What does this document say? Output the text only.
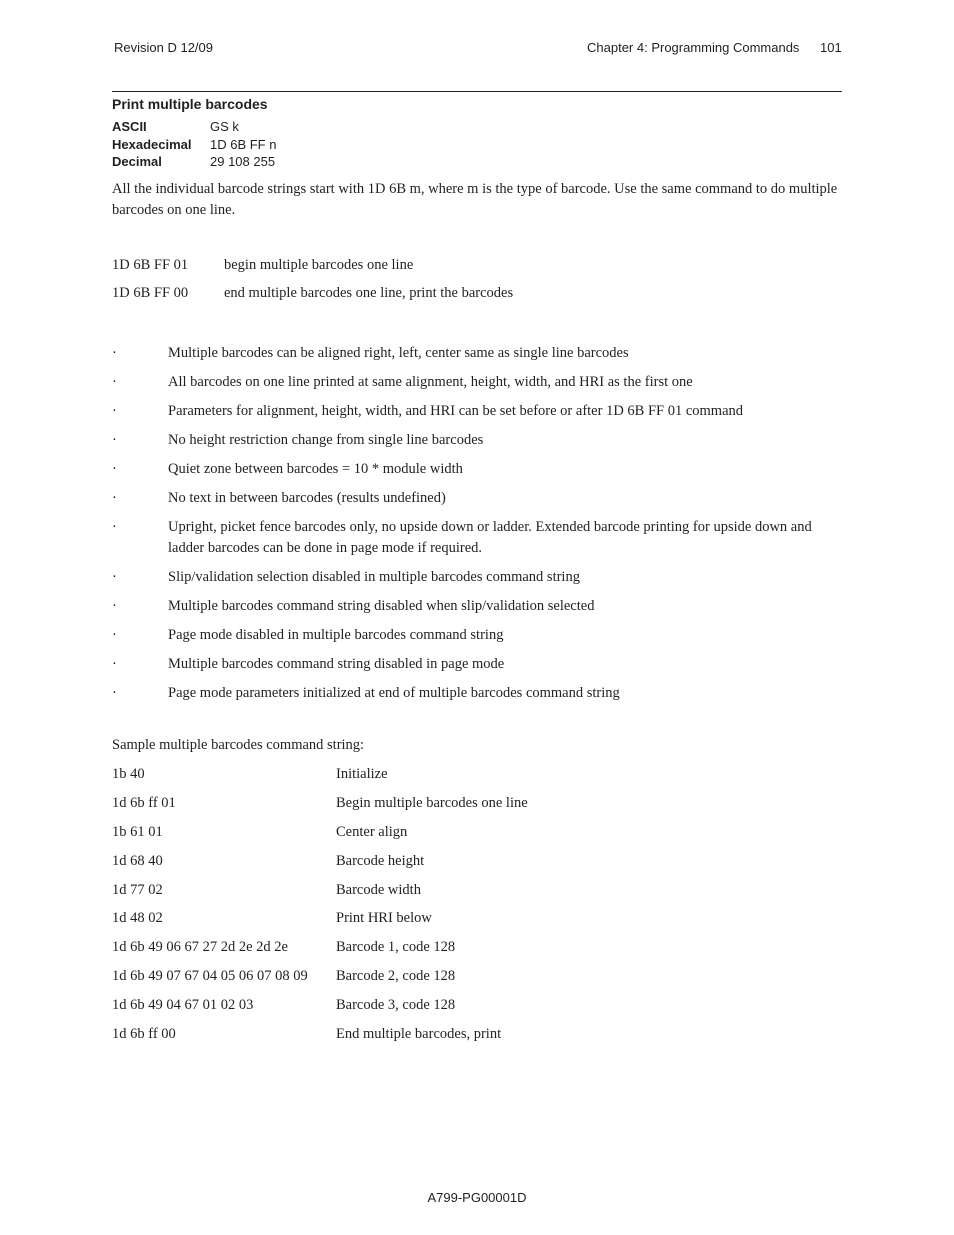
Revision D 12/09	Chapter 4: Programming Commands 101
Print multiple barcodes
ASCII	GS k
Hexadecimal	1D 6B FF n
Decimal	29 108 255
All the individual barcode strings start with 1D 6B m, where m is the type of barcode. Use the same command to do multiple barcodes on one line.
1D 6B FF 01	begin multiple barcodes one line
1D 6B FF 00	end multiple barcodes one line, print the barcodes
·	Multiple barcodes can be aligned right, left, center same as single line barcodes
·	All barcodes on one line printed at same alignment, height, width, and HRI as the first one
·	Parameters for alignment, height, width, and HRI can be set before or after 1D 6B FF 01 command
·	No height restriction change from single line barcodes
·	Quiet zone between barcodes = 10 * module width
·	No text in between barcodes (results undefined)
·	Upright, picket fence barcodes only, no upside down or ladder. Extended barcode printing for upside down and ladder barcodes can be done in page mode if required.
·	Slip/validation selection disabled in multiple barcodes command string
·	Multiple barcodes command string disabled when slip/validation selected
·	Page mode disabled in multiple barcodes command string
·	Multiple barcodes command string disabled in page mode
·	Page mode parameters initialized at end of multiple barcodes command string
Sample multiple barcodes command string:
1b 40	Initialize
1d 6b ff 01	Begin multiple barcodes one line
1b 61 01	Center align
1d 68 40	Barcode height
1d 77 02	Barcode width
1d 48 02	Print HRI below
1d 6b 49 06 67 27 2d 2e 2d 2e	Barcode 1, code 128
1d 6b 49 07 67 04 05 06 07 08 09	Barcode 2, code 128
1d 6b 49 04 67 01 02 03	Barcode 3, code 128
1d 6b ff 00	End multiple barcodes, print
A799-PG00001D
